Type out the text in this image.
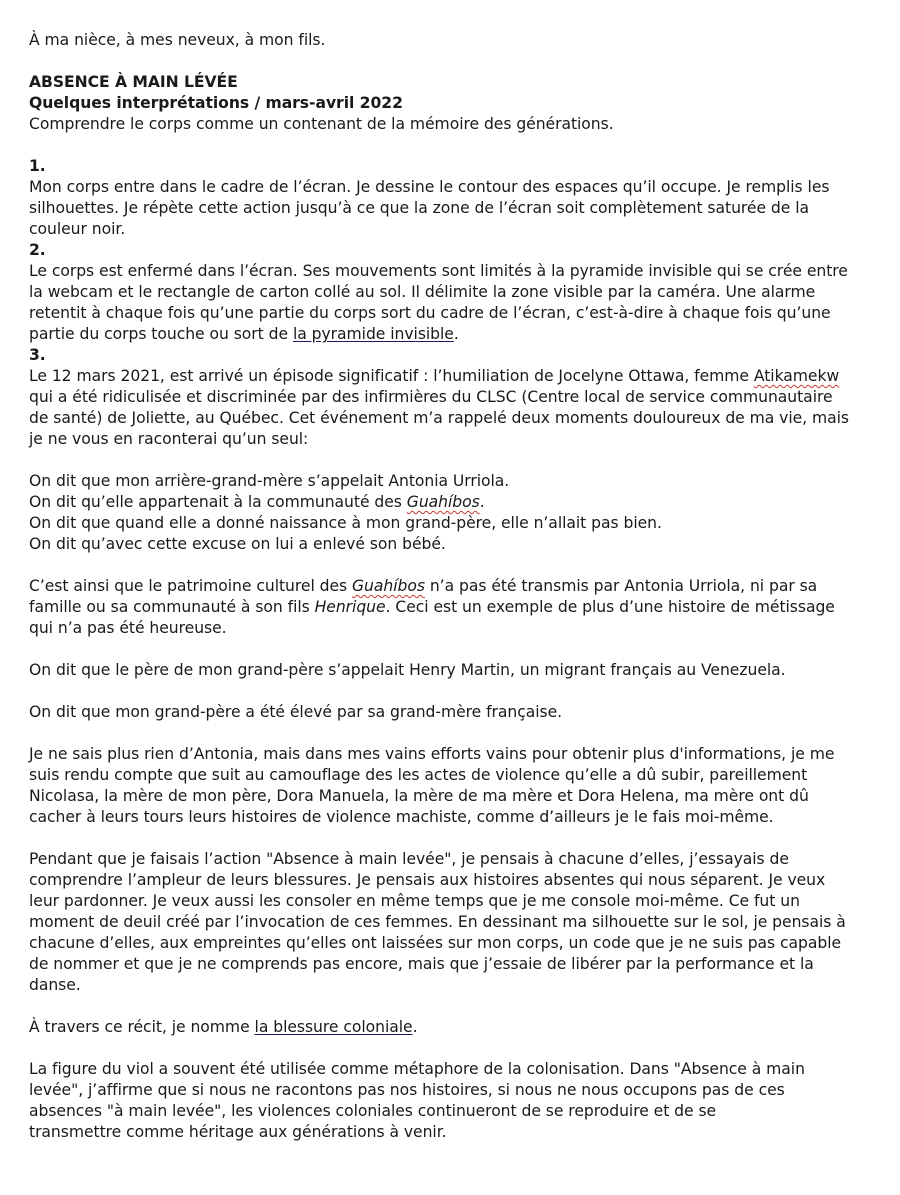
À ma nièce, à mes neveux, à mon fils.
ABSENCE À MAIN LÉVÉE
Quelques interprétations / mars-avril 2022
Comprendre le corps comme un contenant de la mémoire des générations.
1.
Mon corps entre dans le cadre de l’écran. Je dessine le contour des espaces qu’il occupe. Je remplis les
silhouettes. Je répète cette action jusqu’à ce que la zone de l’écran soit complètement saturée de la
couleur noir.
2.
Le corps est enfermé dans l’écran. Ses mouvements sont limités à la pyramide invisible qui se crée entre
la webcam et le rectangle de carton collé au sol. Il délimite la zone visible par la caméra. Une alarme
retentit à chaque fois qu’une partie du corps sort du cadre de l’écran, c’est-à-dire à chaque fois qu’une
partie du corps touche ou sort de la pyramide invisible.
3.
Le 12 mars 2021, est arrivé un épisode significatif : l’humiliation de Jocelyne Ottawa, femme Atikamekw
qui a été ridiculisée et discriminée par des infirmières du CLSC (Centre local de service communautaire
de santé) de Joliette, au Québec. Cet événement m’a rappelé deux moments douloureux de ma vie, mais
je ne vous en raconterai qu’un seul:
On dit que mon arrière-grand-mère s’appelait Antonia Urriola.
On dit qu’elle appartenait à la communauté des Guahíbos.
On dit que quand elle a donné naissance à mon grand-père, elle n’allait pas bien.
On dit qu’avec cette excuse on lui a enlevé son bébé.
C’est ainsi que le patrimoine culturel des Guahíbos n’a pas été transmis par Antonia Urriola, ni par sa
famille ou sa communauté à son fils Henrique. Ceci est un exemple de plus d’une histoire de métissage
qui n’a pas été heureuse.
On dit que le père de mon grand-père s’appelait Henry Martin, un migrant français au Venezuela.
On dit que mon grand-père a été élevé par sa grand-mère française.
Je ne sais plus rien d’Antonia, mais dans mes vains efforts vains pour obtenir plus d'informations, je me
suis rendu compte que suit au camouflage des les actes de violence qu’elle a dû subir, pareillement
Nicolasa, la mère de mon père, Dora Manuela, la mère de ma mère et Dora Helena, ma mère ont dû
cacher à leurs tours leurs histoires de violence machiste, comme d’ailleurs je le fais moi-même.
Pendant que je faisais l’action "Absence à main levée", je pensais à chacune d’elles, j’essayais de
comprendre l’ampleur de leurs blessures. Je pensais aux histoires absentes qui nous séparent. Je veux
leur pardonner. Je veux aussi les consoler en même temps que je me console moi-même. Ce fut un
moment de deuil créé par l’invocation de ces femmes. En dessinant ma silhouette sur le sol, je pensais à
chacune d’elles, aux empreintes qu’elles ont laissées sur mon corps, un code que je ne suis pas capable
de nommer et que je ne comprends pas encore, mais que j’essaie de libérer par la performance et la
danse.
À travers ce récit, je nomme la blessure coloniale.
La figure du viol a souvent été utilisée comme métaphore de la colonisation. Dans "Absence à main
levée", j’affirme que si nous ne racontons pas nos histoires, si nous ne nous occupons pas de ces
absences "à main levée", les violences coloniales continueront de se reproduire et de se
transmettre comme héritage aux générations à venir.
